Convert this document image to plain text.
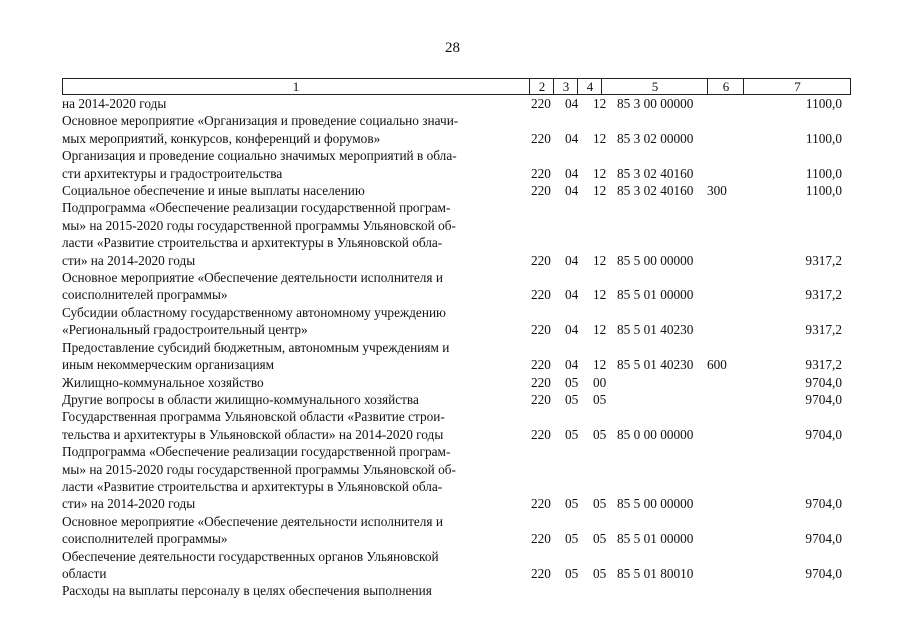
28
1	2	3	4	5	6	7
на 2014-2020 годы	220 04 12 85 3 00 00000	1100,0
Основное мероприятие «Организация и проведение социально значи-
мых мероприятий, конкурсов, конференций и форумов»	220 04 12 85 3 02 00000	1100,0
Организация и проведение социально значимых мероприятий в обла-
сти архитектуры и градостроительства	220 04 12 85 3 02 40160	1100,0
Социальное обеспечение и иные выплаты населению	220 04 12 85 3 02 40160 300	1100,0
Подпрограмма «Обеспечение реализации государственной програм-
мы» на 2015-2020 годы государственной программы Ульяновской об-
ласти «Развитие строительства и архитектуры в Ульяновской обла-
сти» на 2014-2020 годы	220 04 12 85 5 00 00000	9317,2
Основное мероприятие «Обеспечение деятельности исполнителя и
соисполнителей программы»	220 04 12 85 5 01 00000	9317,2
Субсидии областному государственному автономному учреждению
«Региональный градостроительный центр»	220 04 12 85 5 01 40230	9317,2
Предоставление субсидий бюджетным, автономным учреждениям и
иным некоммерческим организациям	220 04 12 85 5 01 40230 600	9317,2
Жилищно-коммунальное хозяйство	220 05 00	9704,0
Другие вопросы в области жилищно-коммунального хозяйства	220 05 05	9704,0
Государственная программа Ульяновской области «Развитие строи-
тельства и архитектуры в Ульяновской области» на 2014-2020 годы	220 05 05 85 0 00 00000	9704,0
Подпрограмма «Обеспечение реализации государственной програм-
мы» на 2015-2020 годы государственной программы Ульяновской об-
ласти «Развитие строительства и архитектуры в Ульяновской обла-
сти» на 2014-2020 годы	220 05 05 85 5 00 00000	9704,0
Основное мероприятие «Обеспечение деятельности исполнителя и
соисполнителей программы»	220 05 05 85 5 01 00000	9704,0
Обеспечение деятельности государственных органов Ульяновской
области	220 05 05 85 5 01 80010	9704,0
Расходы на выплаты персоналу в целях обеспечения выполнения
